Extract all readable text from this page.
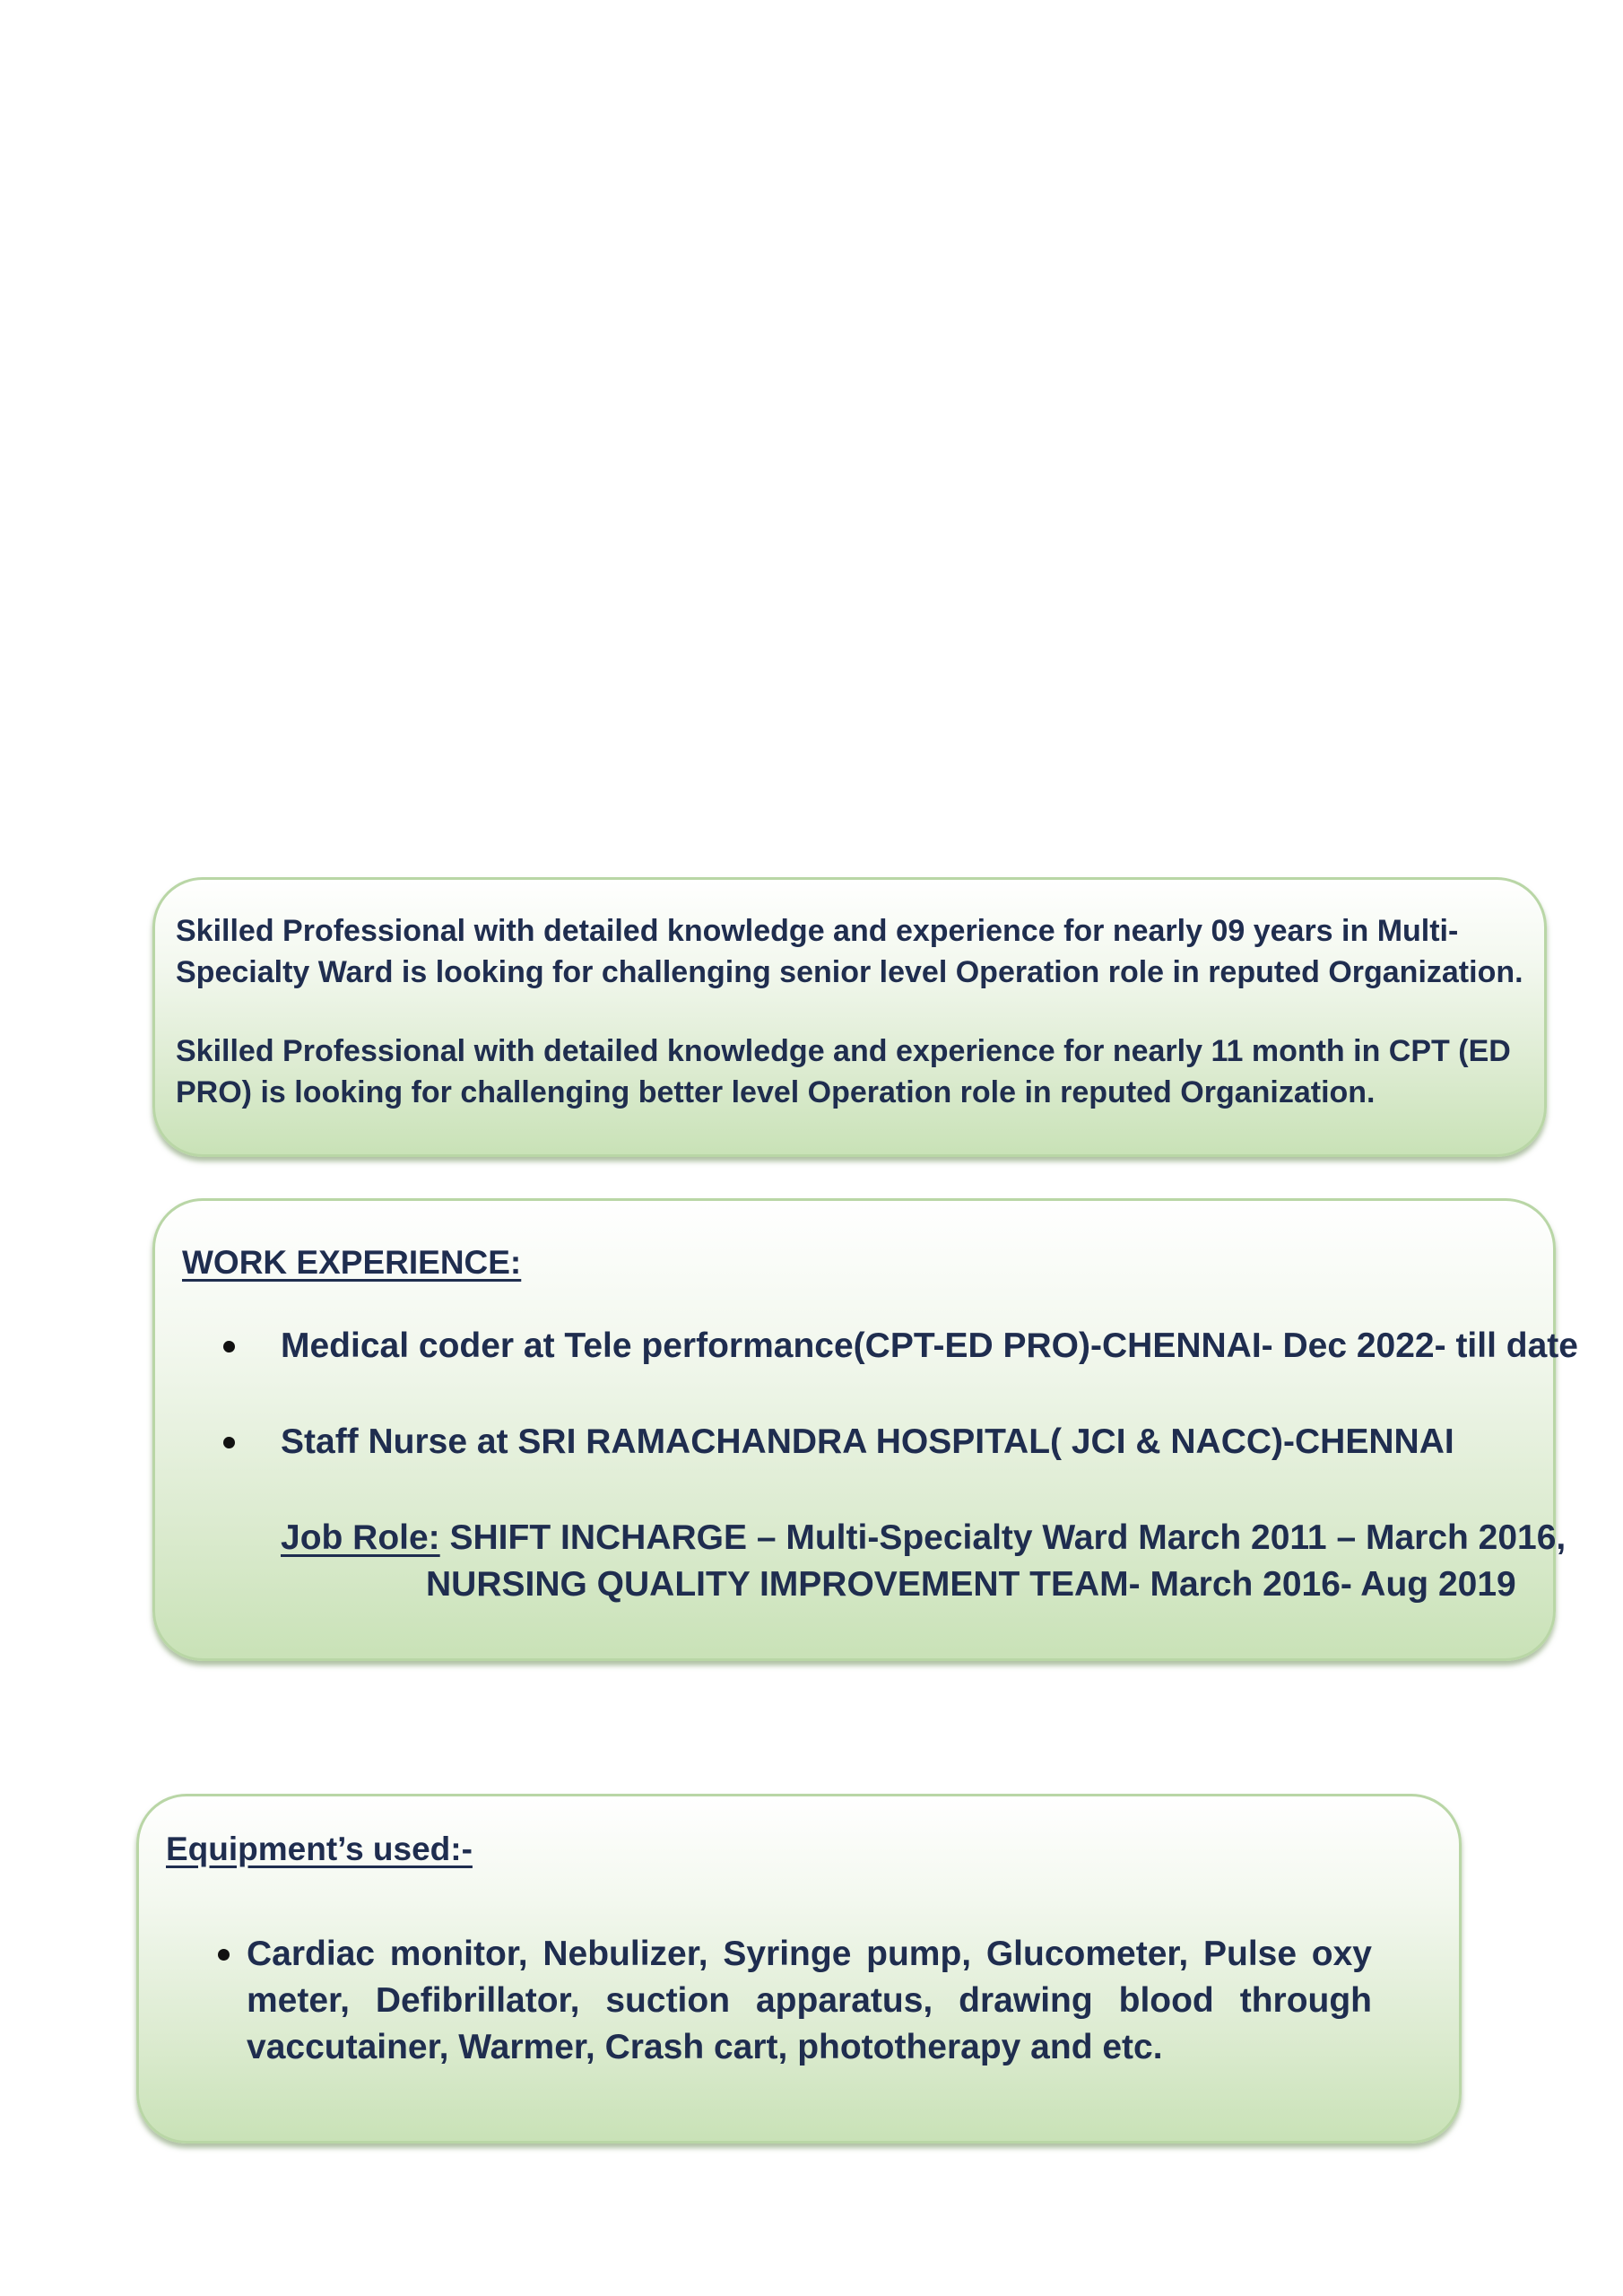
Skilled Professional with detailed knowledge and experience for nearly 09 years in Multi-Specialty Ward is looking for challenging senior level Operation role in reputed Organization.

Skilled Professional with detailed knowledge and experience for nearly 11 month in CPT (ED PRO) is looking for challenging better level Operation role in reputed Organization.

WORK EXPERIENCE:

Medical coder at Tele performance(CPT-ED PRO)-CHENNAI- Dec 2022- till date
Staff Nurse at SRI RAMACHANDRA HOSPITAL( JCI & NACC)-CHENNAI
Job Role: SHIFT INCHARGE – Multi-Specialty Ward March 2011 – March 2016,
NURSING QUALITY IMPROVEMENT TEAM- March 2016- Aug 2019

Equipment’s used:-

Cardiac monitor, Nebulizer, Syringe pump, Glucometer, Pulse oxy meter, Defibrillator, suction apparatus, drawing blood through vaccutainer, Warmer, Crash cart, phototherapy and etc.
